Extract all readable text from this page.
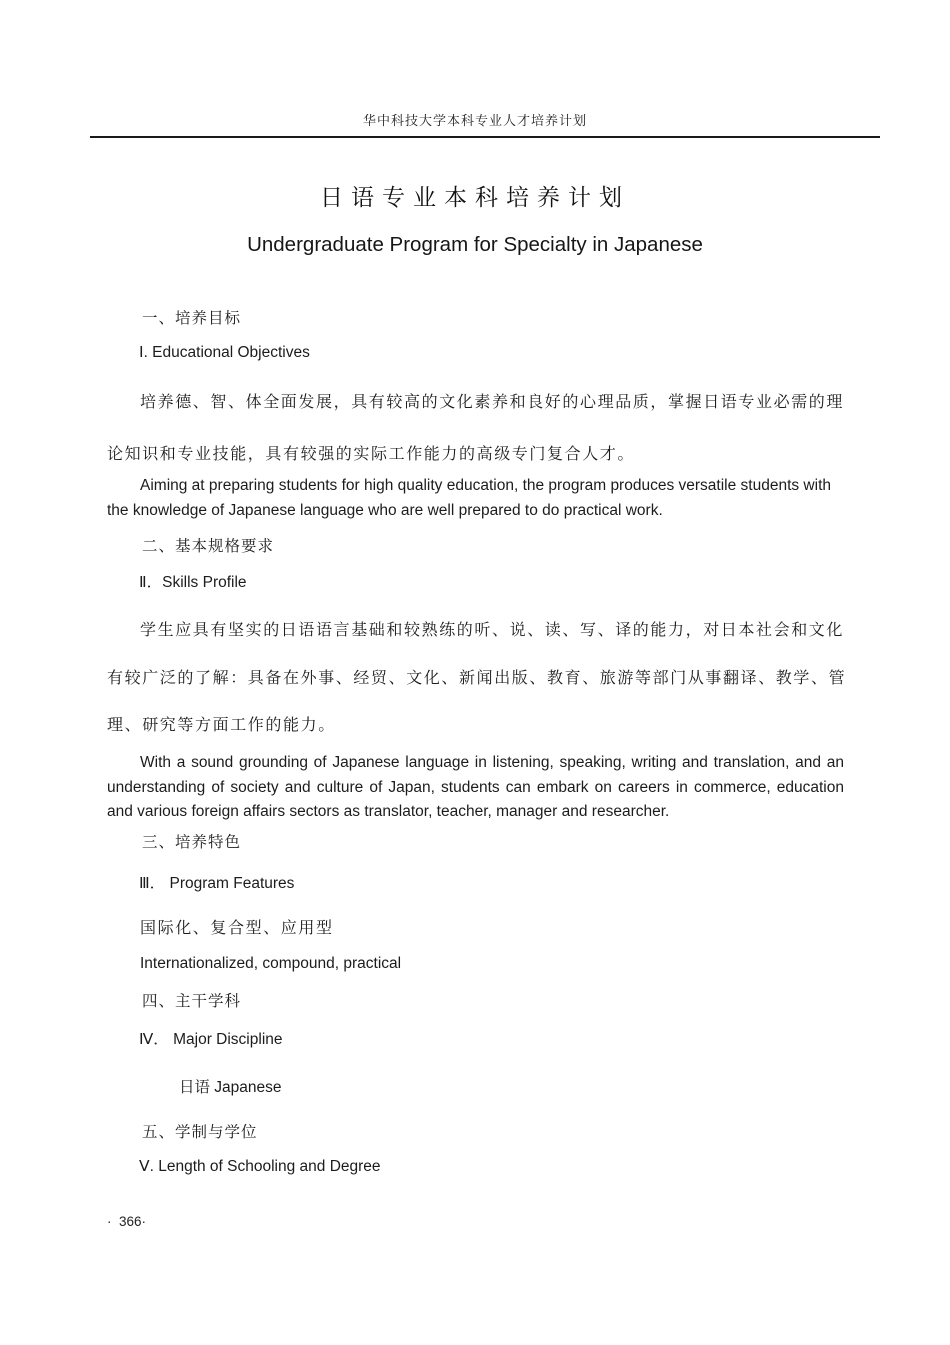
华中科技大学本科专业人才培养计划
日语专业本科培养计划
Undergraduate Program for Specialty in Japanese
一、培养目标
Ⅰ. Educational Objectives
培养德、智、体全面发展，具有较高的文化素养和良好的心理品质，掌握日语专业必需的理
论知识和专业技能，具有较强的实际工作能力的高级专门复合人才。
Aiming at preparing students for high quality education, the program produces versatile students with the knowledge of Japanese language who are well prepared to do practical work.
二、基本规格要求
Ⅱ．Skills Profile
学生应具有坚实的日语语言基础和较熟练的听、说、读、写、译的能力，对日本社会和文化
有较广泛的了解：具备在外事、经贸、文化、新闻出版、教育、旅游等部门从事翻译、教学、管
理、研究等方面工作的能力。
With a sound grounding of Japanese language in listening, speaking, writing and translation, and an understanding of society and culture of Japan, students can embark on careers in commerce, education and various foreign affairs sectors as translator, teacher, manager and researcher.
三、培养特色
Ⅲ． Program Features
国际化、复合型、应用型
Internationalized, compound, practical
四、主干学科
Ⅳ． Major Discipline
日语 Japanese
五、学制与学位
Ⅴ. Length of Schooling and Degree
·  366·
